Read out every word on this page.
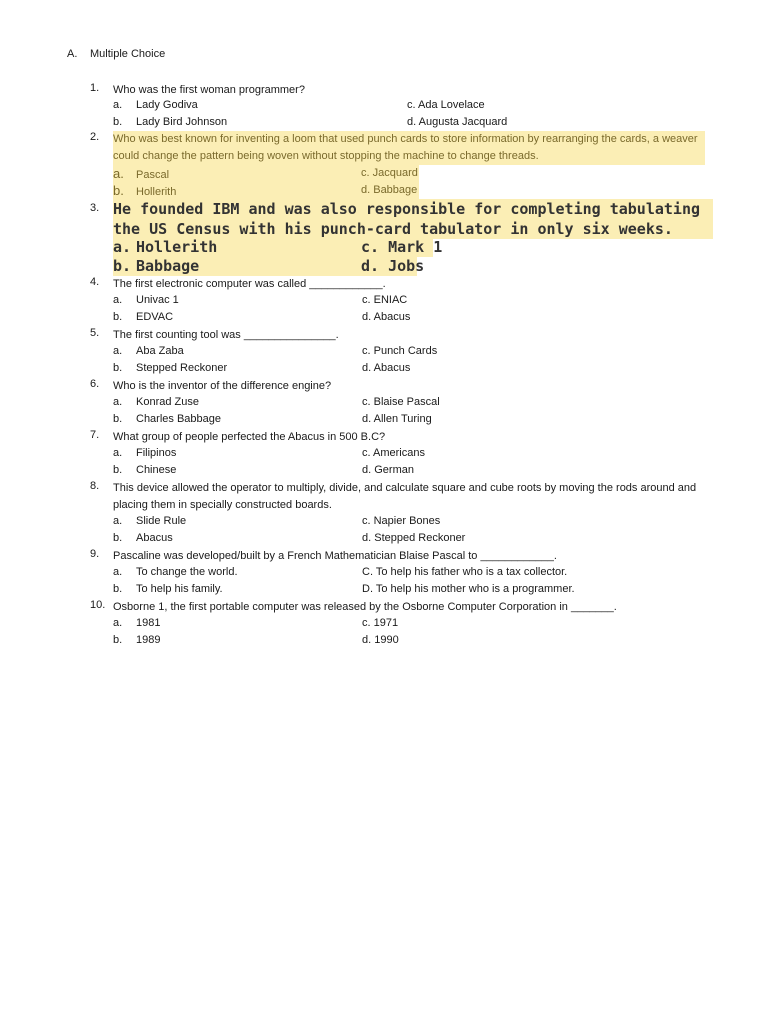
A. Multiple Choice
1.	Who was the first woman programmer?
a. Lady Godiva	c. Ada Lovelace
b. Lady Bird Johnson	d. Augusta Jacquard
2.	Who was best known for inventing a loom that used punch cards to store information by rearranging the cards, a weaver could change the pattern being woven without stopping the machine to change threads.
a. Pascal	c. Jacquard
b. Hollerith	d. Babbage
3. He founded IBM and was also responsible for completing tabulating the US Census with his punch-card tabulator in only six weeks.
a. Hollerith	c. Mark 1
b. Babbage	d. Jobs
4.	The first electronic computer was called ____________.
a. Univac 1	c. ENIAC
b. EDVAC	d. Abacus
5.	The first counting tool was _______________.
a. Aba Zaba	c. Punch Cards
b. Stepped Reckoner	d. Abacus
6.	Who is the inventor of the difference engine?
a. Konrad Zuse	c. Blaise Pascal
b. Charles Babbage	d. Allen Turing
7.	What group of people perfected the Abacus in 500 B.C?
a. Filipinos	c. Americans
b. Chinese	d. German
8.	This device allowed the operator to multiply, divide, and calculate square and cube roots by moving the rods around and placing them in specially constructed boards.
a. Slide Rule	c. Napier Bones
b. Abacus	d. Stepped Reckoner
9.	Pascaline was developed/built by a French Mathematician Blaise Pascal to ____________.
a. To change the world.	C. To help his father who is a tax collector.
b. To help his family.	D. To help his mother who is a programmer.
10. Osborne 1, the first portable computer was released by the Osborne Computer Corporation in _______.
a. 1981	c. 1971
b. 1989	d. 1990
